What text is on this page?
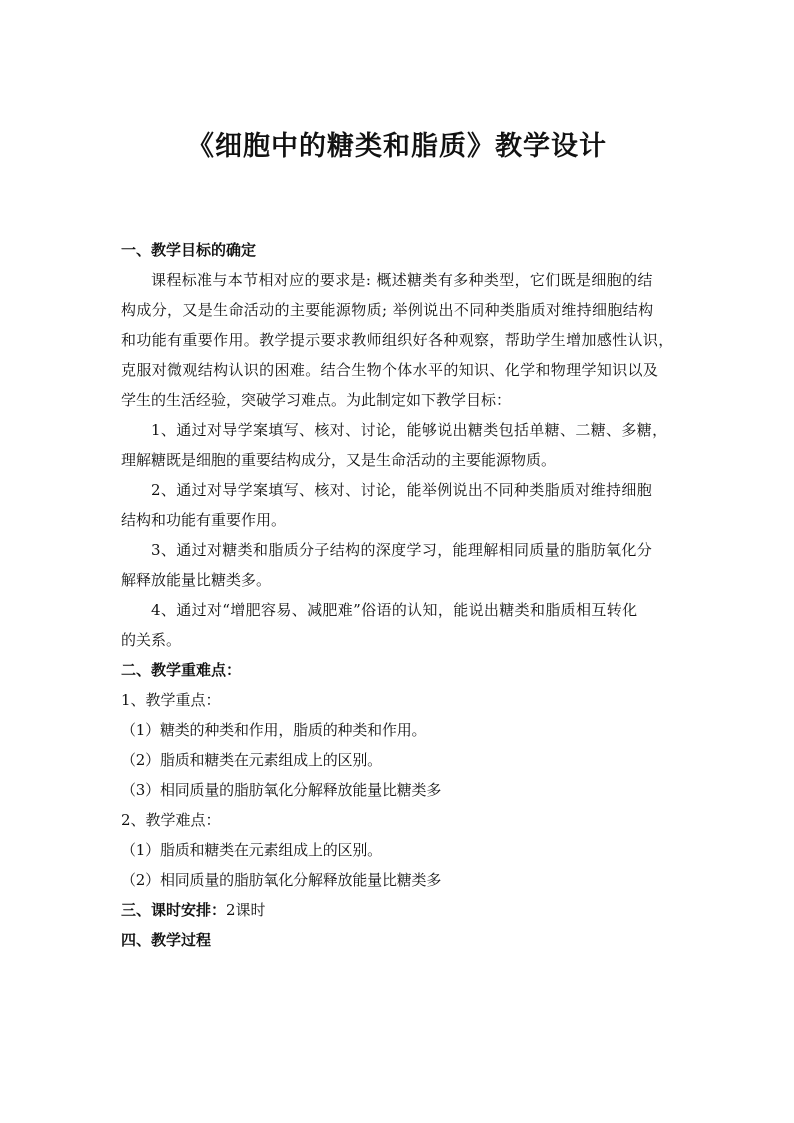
《细胞中的糖类和脂质》教学设计

一、教学目标的确定

课程标准与本节相对应的要求是: 概述糖类有多种类型，它们既是细胞的结

构成分，又是生命活动的主要能源物质; 举例说出不同种类脂质对维持细胞结构

和功能有重要作用。教学提示要求教师组织好各种观察，帮助学生增加感性认识，

克服对微观结构认识的困难。结合生物个体水平的知识、化学和物理学知识以及

学生的生活经验，突破学习难点。为此制定如下教学目标：

1、通过对导学案填写、核对、讨论，能够说出糖类包括单糖、二糖、多糖，

理解糖既是细胞的重要结构成分，又是生命活动的主要能源物质。

2、通过对导学案填写、核对、讨论，能举例说出不同种类脂质对维持细胞

结构和功能有重要作用。

3、通过对糖类和脂质分子结构的深度学习，能理解相同质量的脂肪氧化分

解释放能量比糖类多。

4、通过对“增肥容易、减肥难”俗语的认知，能说出糖类和脂质相互转化

的关系。

二、教学重难点：

1、教学重点：

（1）糖类的种类和作用，脂质的种类和作用。

（2）脂质和糖类在元素组成上的区别。

（3）相同质量的脂肪氧化分解释放能量比糖类多

2、教学难点：

（1）脂质和糖类在元素组成上的区别。

（2）相同质量的脂肪氧化分解释放能量比糖类多

三、课时安排：2课时

四、教学过程
